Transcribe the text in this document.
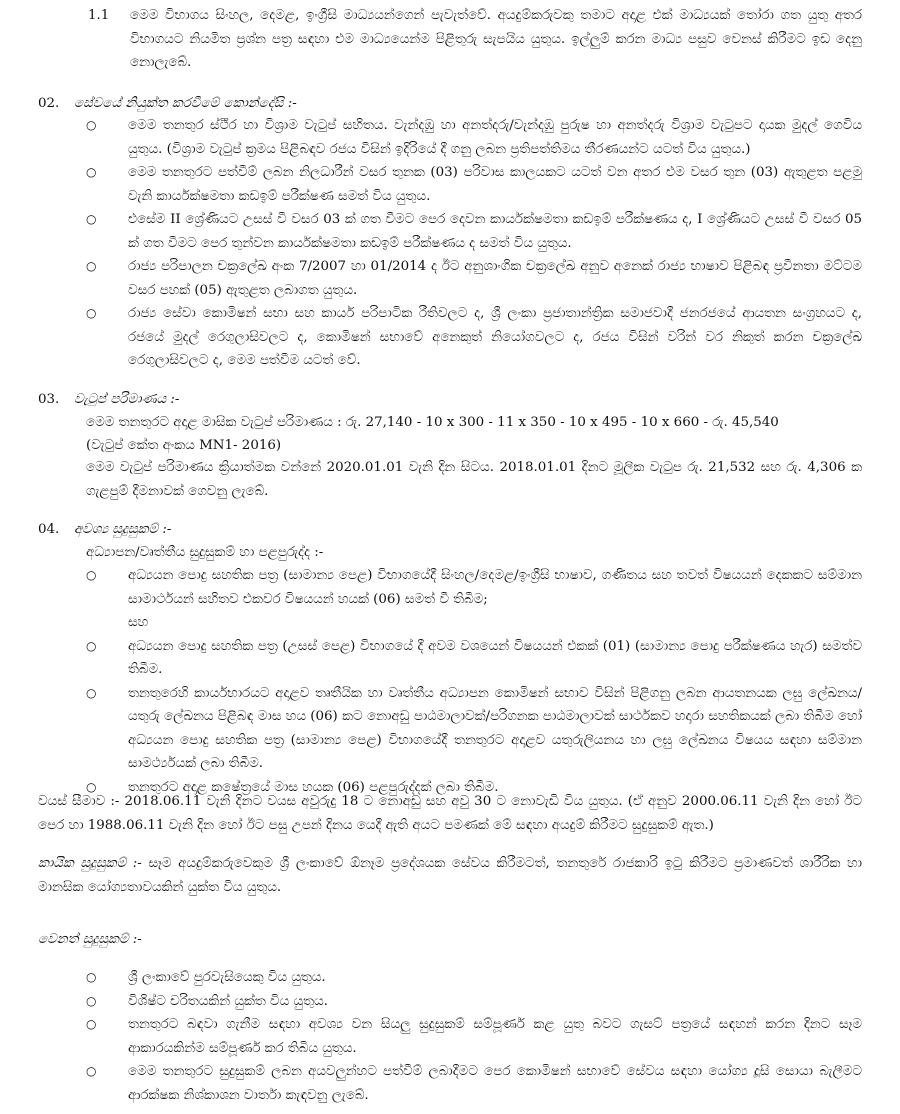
1.1 මෙම විභාගය සිංහල, දෙමළ, ඉංග්‍රීසි මාධ්‍යයන්ගෙන් පැවැත්වේ. අයදුම්කරුවකු තමාට අදාළ එක් මාධ්‍යයක් තෝරා ගත යුතු අතර විභාගයට නියමිත ප්‍රශ්න පත්‍ර සඳහා එම මාධ්‍යයෙන්ම පිළිතුරු සැපයිය යුතුය. ඉල්ලුම් කරන මාධ්‍ය පසුව වෙනස් කිරීමට ඉඩ දෙනු නොලැබේ.

02. සේවයේ නියුක්ත කරවීමේ කොන්දේසි :-
○ මෙම තනතුර ස්ථිර හා විශ්‍රාම වැටුප් සහිතය. වැන්දඹු හා අනත්දරු/වැන්දඹු පුරුෂ හා අනත්දරු විශ්‍රාම වැටුපට දායක මුදල් ගෙවිය යුතුය. (විශ්‍රාම වැටුප් ක්‍රමය පිළිබඳව රජය විසින් ඉදිරියේ දී ගනු ලබන ප්‍රතිපත්තිමය තීරණයන්ට යටත් විය යුතුය.)
○ මෙම තනතුරට පත්වීම් ලබන නිලධාරීන් වසර තුනක (03) පරිවාස කාලයකට යටත් වන අතර එම වසර තුන (03) ඇතුළත පළමු වැනි කාර්යක්ෂමතා කඩඉම් පරීක්ෂණ සමත් විය යුතුය.
○ එසේම II ශ්‍රේණියට උසස් වී වසර 03 ක් ගත වීමට පෙර දෙවන කාර්යක්ෂමතා කඩඉම් පරීක්ෂණය ද, I ශ්‍රේණියට උසස් වී වසර 05 ක් ගත වීමට පෙර තුන්වන කාර්යක්ෂමතා කඩඉම් පරීක්ෂණය ද සමත් විය යුතුය.
○ රාජ්‍ය පරිපාලන චක්‍රලේඛ අංක 7/2007 හා 01/2014 ද ඊට අනුශාංගික චක්‍රලේඛ අනුව අනෙක් රාජ්‍ය භාෂාව පිළිබඳ ප්‍රවීනතා මට්ටම වසර පහක් (05) ඇතුළත ලබාගත යුතුය.
○ රාජ්‍ය සේවා කොමිෂන් සභා සහ කාර්ය පරිපාටික රීතිවලට ද, ශ්‍රී ලංකා ප්‍රජාතාන්ත්‍රික සමාජවාදී ජනරජයේ ආයතන සංග්‍රහයට ද, රජයේ මුදල් රෙගුලාසිවලට ද, කොමිෂන් සභාවේ අනෙකුත් නියෝගවලට ද, රජය විසින් වරින් වර නිකුත් කරන චක්‍රලේඛ රෙගුලාසිවලට ද, මෙම පත්වීම යටත් වේ.
03. වැටුප් පරිමාණය :-

මෙම තනතුරට අදාළ මාසික වැටුප් පරිමාණය : රු. 27,140 - 10 x 300 - 11 x 350 - 10 x 495 - 10 x 660 - රු. 45,540

(වැටුප් කේත අංකය MN1- 2016)

මෙම වැටුප් පරිමාණය ක්‍රියාත්මක වන්නේ 2020.01.01 වැනි දින සිටය. 2018.01.01 දිනට මූලික වැටුප රු. 21,532 සහ රු. 4,306 ක ගැළපුම් දීමනාවක් ගෙවනු ලැබේ.

04. අවශ්‍ය සුදුසුකම් :-

අධ්‍යාපන/වෘත්තීය සුදුසුකම් හා පළපුරුද්ද :-

○ අධ්‍යයන පොදු සහතික පත්‍ර (සාමාන්‍ය පෙළ) විභාගයේදී සිංහල/දෙමළ/ඉංග්‍රීසි භාෂාව, ගණිතය සහ තවත් විෂයයන් දෙකකට සම්මාන සාමාර්ථයන් සහිතව එකවර විෂයයන් හයක් (06) සමත් වී තිබීම;
සහ
○ අධ්‍යයන පොදු සහතික පත්‍ර (උසස් පෙළ) විභාගයේ දී අවම වශයෙන් විෂයයන් එකක් (01) (සාමාන්‍ය පොදු පරීක්ෂණය හැර) සමත්ව තිබීම.
○ තනතුරෙහි කාර්යභාරයට අදාළව තෘතීයික හා වෘත්තීය අධ්‍යාපන කොමිෂන් සභාව විසින් පිළිගනු ලබන ආයතනයක ලඝු ලේඛනය/යතුරු ලේඛනය පිළිබඳ මාස හය (06) කට නොඅඩු පාඨමාලාවක්/පරිගනක පාඨමාලාවක් සාර්ථකව හදාරා සහතිකයක් ලබා තිබීම හෝ අධ්‍යයන පොදු සහතික පත්‍ර (සාමාන්‍ය පෙළ) විභාගයේදී තනතුරට අදාළව යතුරුලියනය හා ලඝු ලේඛනය විෂයය සඳහා සම්මාන සාමර්ථ්‍යයක් ලබා තිබීම.
○ තනතුරට අදාළ කෂේත්‍රයේ මාස හයක (06) පළපුරුද්දක් ලබා තිබීම.

වයස් සීමාව :- 2018.06.11 වැනි දිනට වයස අවුරුදු 18 ට නොඅඩු සහ අවු 30 ට නොවැඩි විය යුතුය. (ඒ අනුව 2000.06.11 වැනි දින හෝ ඊට පෙර හා 1988.06.11 වැනි දින හෝ ඊට පසු උපන් දිනය යෙදී ඇති අයට පමණක් මේ සඳහා අයදුම් කිරීමට සුදුසුකම් ඇත.)

කායික සුදුසුකම් :- සෑම අයදුම්කරුවෙකුම ශ්‍රී ලංකාවේ ඕනෑම ප්‍රදේශයක සේවය කිරීමටත්, තනතුරේ රාජකාරි ඉටු කිරීමට ප්‍රමාණවත් ශාරීරික හා මානසික යෝග්‍යතාවයකින් යුක්ත විය යුතුය.

වෙනත් සුදුසුකම් :-

○ ශ්‍රී ලංකාවේ පුරවැසියෙකු විය යුතුය.
○ විශිෂ්ට චරිතයකින් යුක්ත විය යුතුය.
○ තනතුරට බඳවා ගැනීම සඳහා අවශ්‍ය වන සියලු සුදුසුකම් සම්පූර්ණ කළ යුතු බවට ගැසට් පත්‍රයේ සඳහන් කරන දිනට සෑම ආකාරයකින්ම සම්පූර්ණ කර තිබිය යුතුය.
○ මෙම තනතුරට සුදුසුකම් ලබන අයවලුන්හට පත්වීම් ලබාදීමට පෙර කොමිෂන් සභාවේ සේවය සඳහා යෝග්‍ය දූසි සොයා බැලීමට ආරක්ෂක නිශ්කාශන වාර්තා කැඳවනු ලැබේ.
